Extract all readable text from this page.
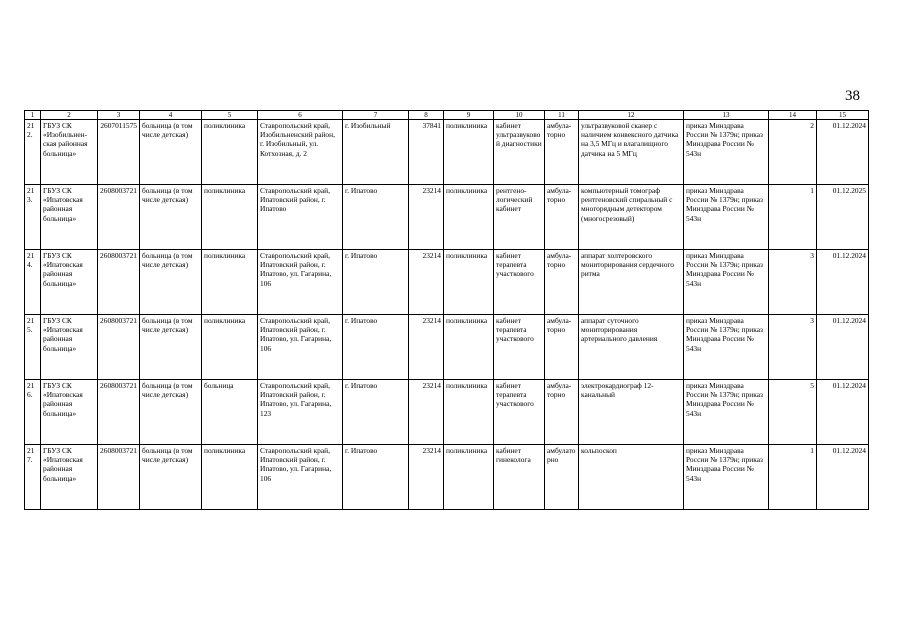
38
1	2	3	4	5	6	7	8	9	10	11	12	13	14	15
212.	ГБУЗ СК «Изобильнен-ская районная больница»	2607011575	больница (в том числе детская)	поликлиника	Ставропольский край, Изобильненский район, г. Изобильный, ул. Котхозная, д. 2	г. Изобильный	37841	поликлиника	кабинет ультразвуково й диагностики	амбула-торно	ультразвуковой сканер с наличием конвексного датчика на 3,5 МГц и влагалищного датчика на 5 МГц	приказ Минздрава России № 1379н; приказ Минздрава России № 543н	2	01.12.2024
213.	ГБУЗ СК «Ипатовская районная больница»	2608003721	больница (в том числе детская)	поликлиника	Ставропольский край, Ипатовский район, г. Ипатово	г. Ипатово	23214	поликлиника	рентгено-логический кабинет	амбула-торно	компьютерный томограф рентгеновский спиральный с многорядным детектором (многосрезовый)	приказ Минздрава России № 1379н; приказ Минздрава России № 543н	1	01.12.2025
214.	ГБУЗ СК «Ипатовская районная больница»	2608003721	больница (в том числе детская)	поликлиника	Ставропольский край, Ипатовский район, г. Ипатово, ул. Гагарина, 106	г. Ипатово	23214	поликлиника	кабинет терапевта участкового	амбула-торно	аппарат холтеровского мониторирования сердечного ритма	приказ Минздрава России № 1379н; приказ Минздрава России № 543н	3	01.12.2024
215.	ГБУЗ СК «Ипатовская районная больница»	2608003721	больница (в том числе детская)	поликлиника	Ставропольский край, Ипатовский район, г. Ипатово, ул. Гагарина, 106	г. Ипатово	23214	поликлиника	кабинет терапевта участкового	амбула-торно	аппарат суточного мониторирования артериального давления	приказ Минздрава России № 1379н; приказ Минздрава России № 543н	3	01.12.2024
216.	ГБУЗ СК «Ипатовская районная больница»	2608003721	больница (в том числе детская)	больница	Ставропольский край, Ипатовский район, г. Ипатово, ул. Гагарина, 123	г. Ипатово	23214	поликлиника	кабинет терапевта участкового	амбула-торно	электрокардиограф 12-канальный	приказ Минздрава России № 1379н; приказ Минздрава России № 543н	5	01.12.2024
217.	ГБУЗ СК «Ипатовская районная больница»	2608003721	больница (в том числе детская)	поликлиника	Ставропольский край, Ипатовский район, г. Ипатово, ул. Гагарина, 106	г. Ипатово	23214	поликлиника	кабинет гинеколога	амбулато рно	кольпоскоп	приказ Минздрава России № 1379н; приказ Минздрава России № 543н	1	01.12.2024
